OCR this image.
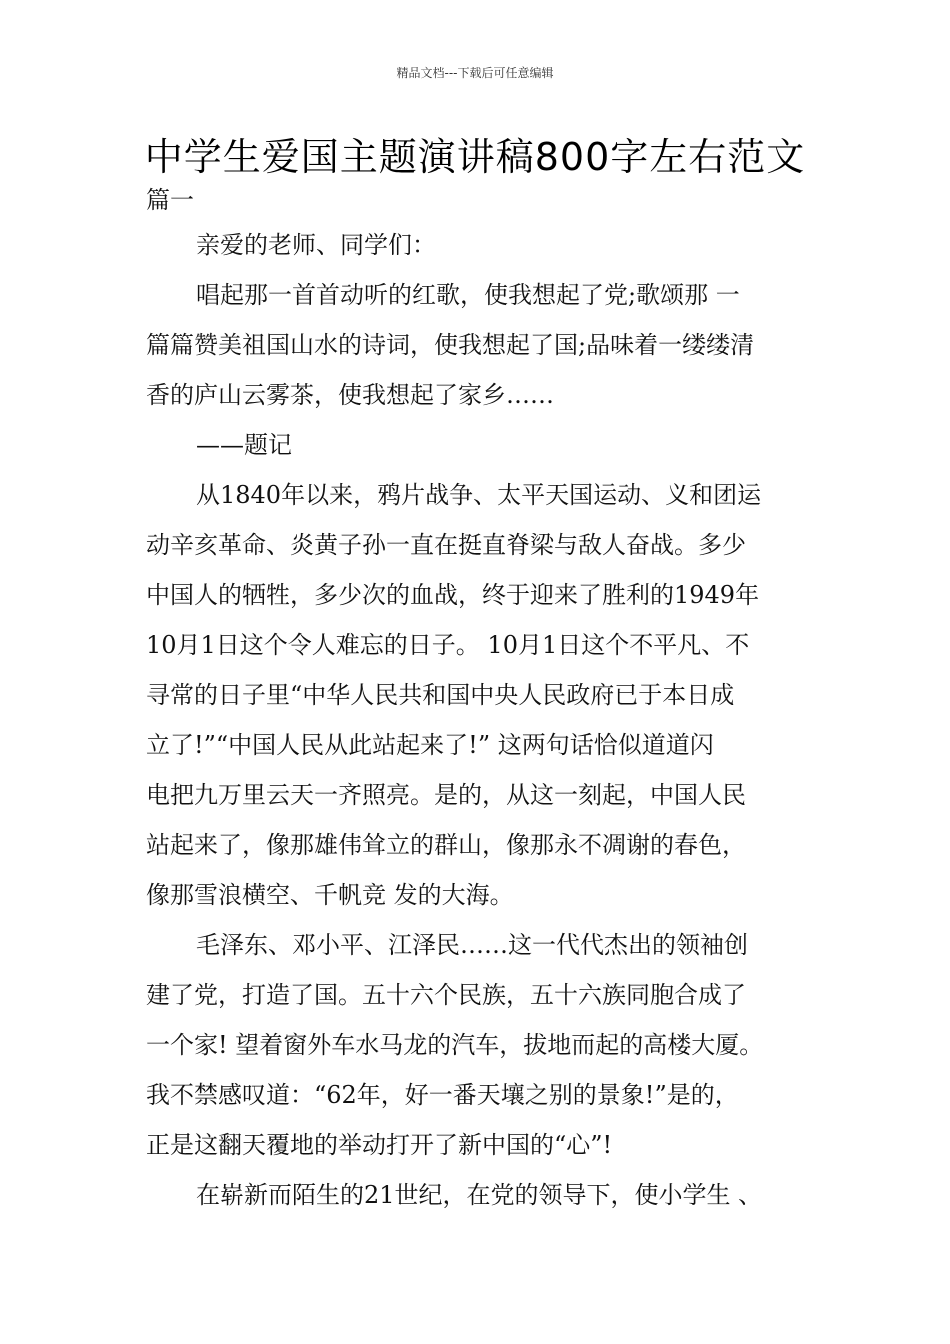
精品文档---下载后可任意编辑
中学生爱国主题演讲稿800字左右范文
篇一
亲爱的老师、同学们：
唱起那一首首动听的红歌，使我想起了党;歌颂那 一
篇篇赞美祖国山水的诗词，使我想起了国;品味着一缕缕清
香的庐山云雾茶，使我想起了家乡……
——题记
从1840年以来，鸦片战争、太平天国运动、义和团运
动辛亥革命、炎黄子孙一直在挺直脊梁与敌人奋战。多少
中国人的牺牲，多少次的血战，终于迎来了胜利的1949年
10月1日这个令人难忘的日子。 10月1日这个不平凡、不
寻常的日子里“中华人民共和国中央人民政府已于本日成
立了!”“中国人民从此站起来了!” 这两句话恰似道道闪
电把九万里云天一齐照亮。是的，从这一刻起，中国人民
站起来了，像那雄伟耸立的群山，像那永不凋谢的春色，
像那雪浪横空、千帆竞 发的大海。
毛泽东、邓小平、江泽民……这一代代杰出的领袖创
建了党，打造了国。五十六个民族，五十六族同胞合成了
一个家! 望着窗外车水马龙的汽车，拔地而起的高楼大厦。
我不禁感叹道：“62年，好一番天壤之别的景象!”是的，
正是这翻天覆地的举动打开了新中国的“心”!
在崭新而陌生的21世纪，在党的领导下，使小学生 、
